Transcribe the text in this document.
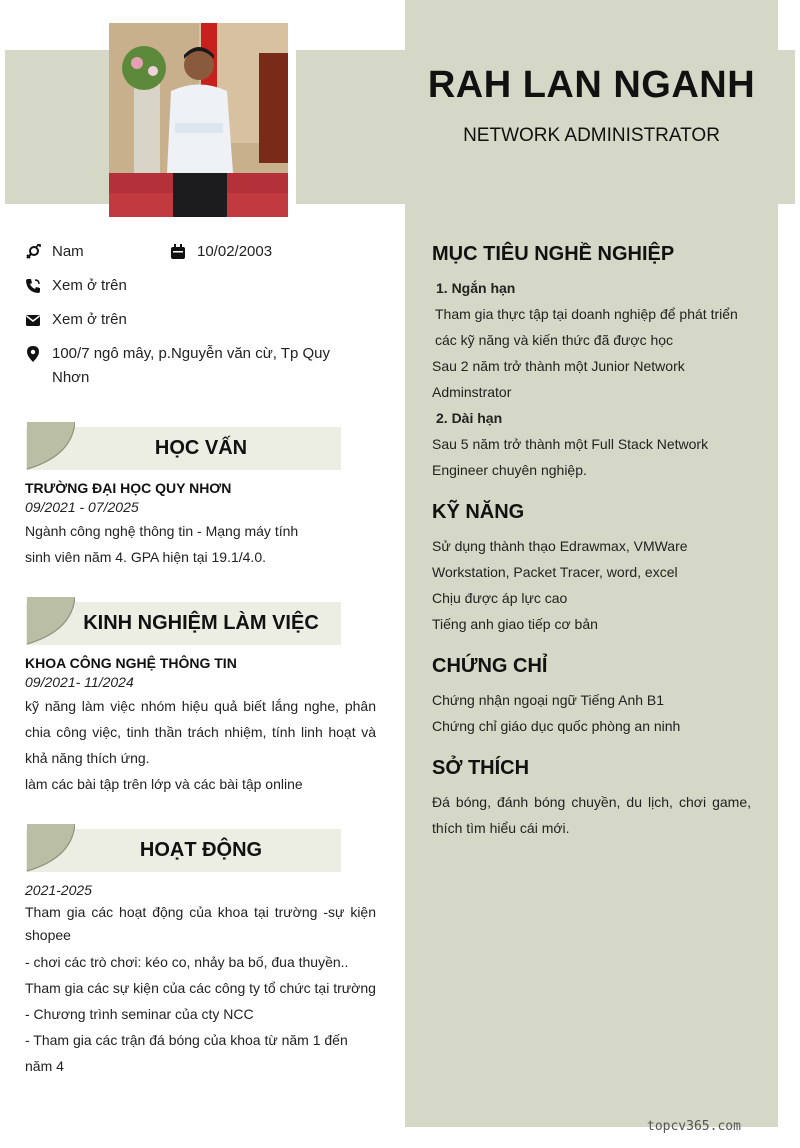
RAH LAN NGANH
NETWORK ADMINISTRATOR
Nam	10/02/2003
Xem ở trên
Xem ở trên
100/7 ngô mây, p.Nguyễn văn cừ, Tp Quy Nhơn
HỌC VẤN
TRƯỜNG ĐẠI HỌC QUY NHƠN
09/2021 - 07/2025
Ngành công nghệ thông tin - Mạng máy tính
sinh viên năm 4. GPA hiện tại 19.1/4.0.
KINH NGHIỆM LÀM VIỆC
KHOA CÔNG NGHỆ THÔNG TIN
09/2021- 11/2024
kỹ năng làm việc nhóm hiệu quả biết lắng nghe, phân chia công việc, tinh thần trách nhiệm, tính linh hoạt và khả năng thích ứng.
làm các bài tập trên lớp và các bài tập online
HOẠT ĐỘNG
2021-2025
Tham gia các hoạt động của khoa tại trường -sự kiện shopee
- chơi các trò chơi: kéo co, nhảy ba bố, đua thuyền..
Tham gia các sự kiện của các công ty tổ chức tại trường
- Chương trình seminar của cty NCC
- Tham gia các trận đá bóng của khoa từ năm 1 đến năm 4
MỤC TIÊU NGHỀ NGHIỆP
1. Ngắn hạn
Tham gia thực tập tại doanh nghiệp để phát triển các kỹ năng và kiến thức đã được học
Sau 2 năm trở thành một Junior Network Adminstrator
2. Dài hạn
Sau 5 năm trở thành một Full Stack Network Engineer chuyên nghiệp.
KỸ NĂNG
Sử dụng thành thạo Edrawmax, VMWare Workstation, Packet Tracer, word, excel
Chịu được áp lực cao
Tiếng anh giao tiếp cơ bản
CHỨNG CHỈ
Chứng nhận ngoại ngữ Tiếng Anh B1
Chứng chỉ giáo dục quốc phòng an ninh
SỞ THÍCH
Đá bóng, đánh bóng chuyền, du lịch, chơi game, thích tìm hiểu cái mới.
topcv365.com
